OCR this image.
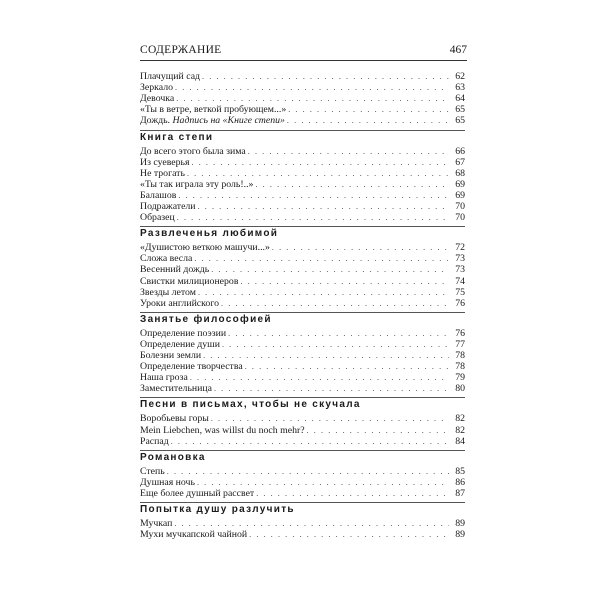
СОДЕРЖАНИЕ	467
Плачущий сад . . .	62
Зеркало . . .	63
Девочка . . .	64
«Ты в ветре, веткой пробующем...» . . .	65
Дождь. Надпись на «Книге степи» . . .	65
Книга степи
До всего этого была зима . . .	66
Из суеверья . . .	67
Не трогать . . .	68
«Ты так играла эту роль!..» . . .	69
Балашов . . .	69
Подражатели . . .	70
Образец . . .	70
Развлеченья любимой
«Душистою веткою машучи...» . . .	72
Сложа весла . . .	73
Весенний дождь . . .	73
Свистки милиционеров . . .	74
Звезды летом . . .	75
Уроки английского . . .	76
Занятье философией
Определение поэзии . . .	76
Определение души . . .	77
Болезни земли . . .	78
Определение творчества . . .	78
Наша гроза . . .	79
Заместительница . . .	80
Песни в письмах, чтобы не скучала
Воробьевы горы . . .	82
Mein Liebchen, was willst du noch mehr? . . .	82
Распад . . .	84
Романовка
Степь . . .	85
Душная ночь . . .	86
Еще более душный рассвет . . .	87
Попытка душу разлучить
Мучкап . . .	89
Мухи мучкапской чайной . . .	89
